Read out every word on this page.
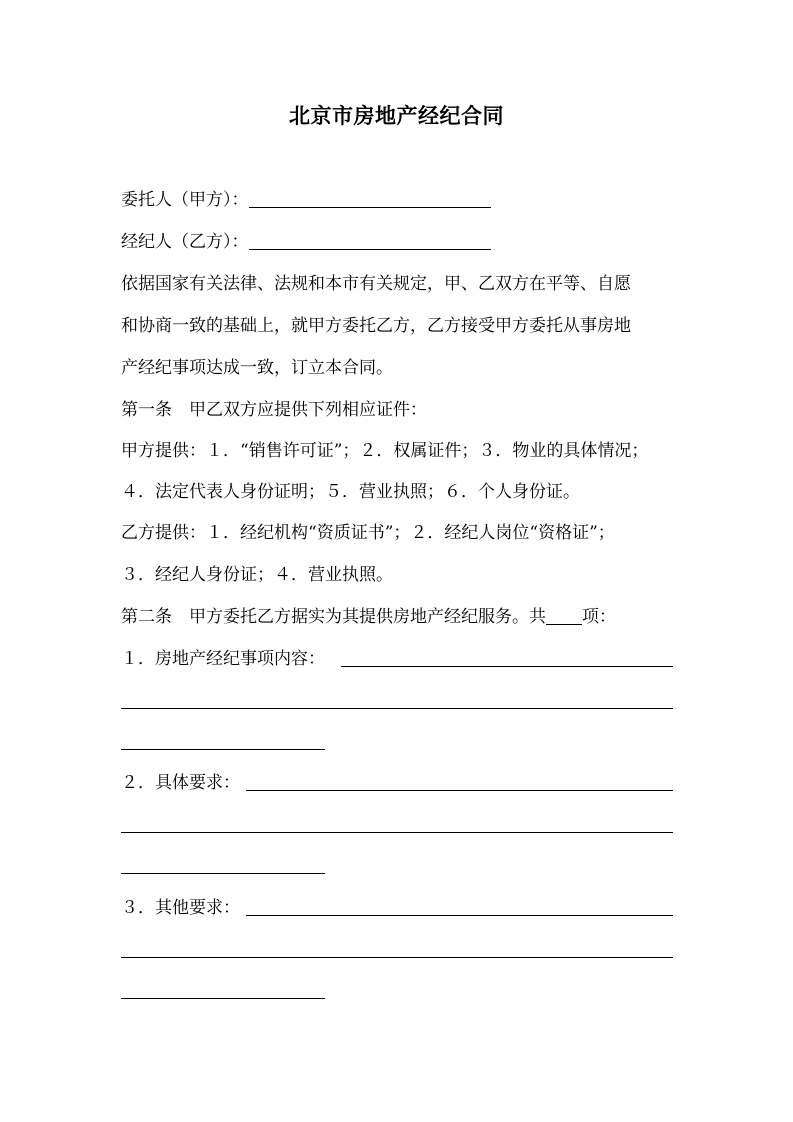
北京市房地产经纪合同
委托人（甲方）：
经纪人（乙方）：
依据国家有关法律、法规和本市有关规定，甲、乙双方在平等、自愿
和协商一致的基础上，就甲方委托乙方，乙方接受甲方委托从事房地
产经纪事项达成一致，订立本合同。
第一条　甲乙双方应提供下列相应证件：
甲方提供：１．“销售许可证”；２．权属证件；３．物业的具体情况；
４．法定代表人身份证明；５．营业执照；６．个人身份证。
乙方提供：１．经纪机构“资质证书”；２．经纪人岗位“资格证”；
３．经纪人身份证；４．营业执照。
第二条　甲方委托乙方据实为其提供房地产经纪服务。共 项：
１．房地产经纪事项内容：
２．具体要求：
３．其他要求：
